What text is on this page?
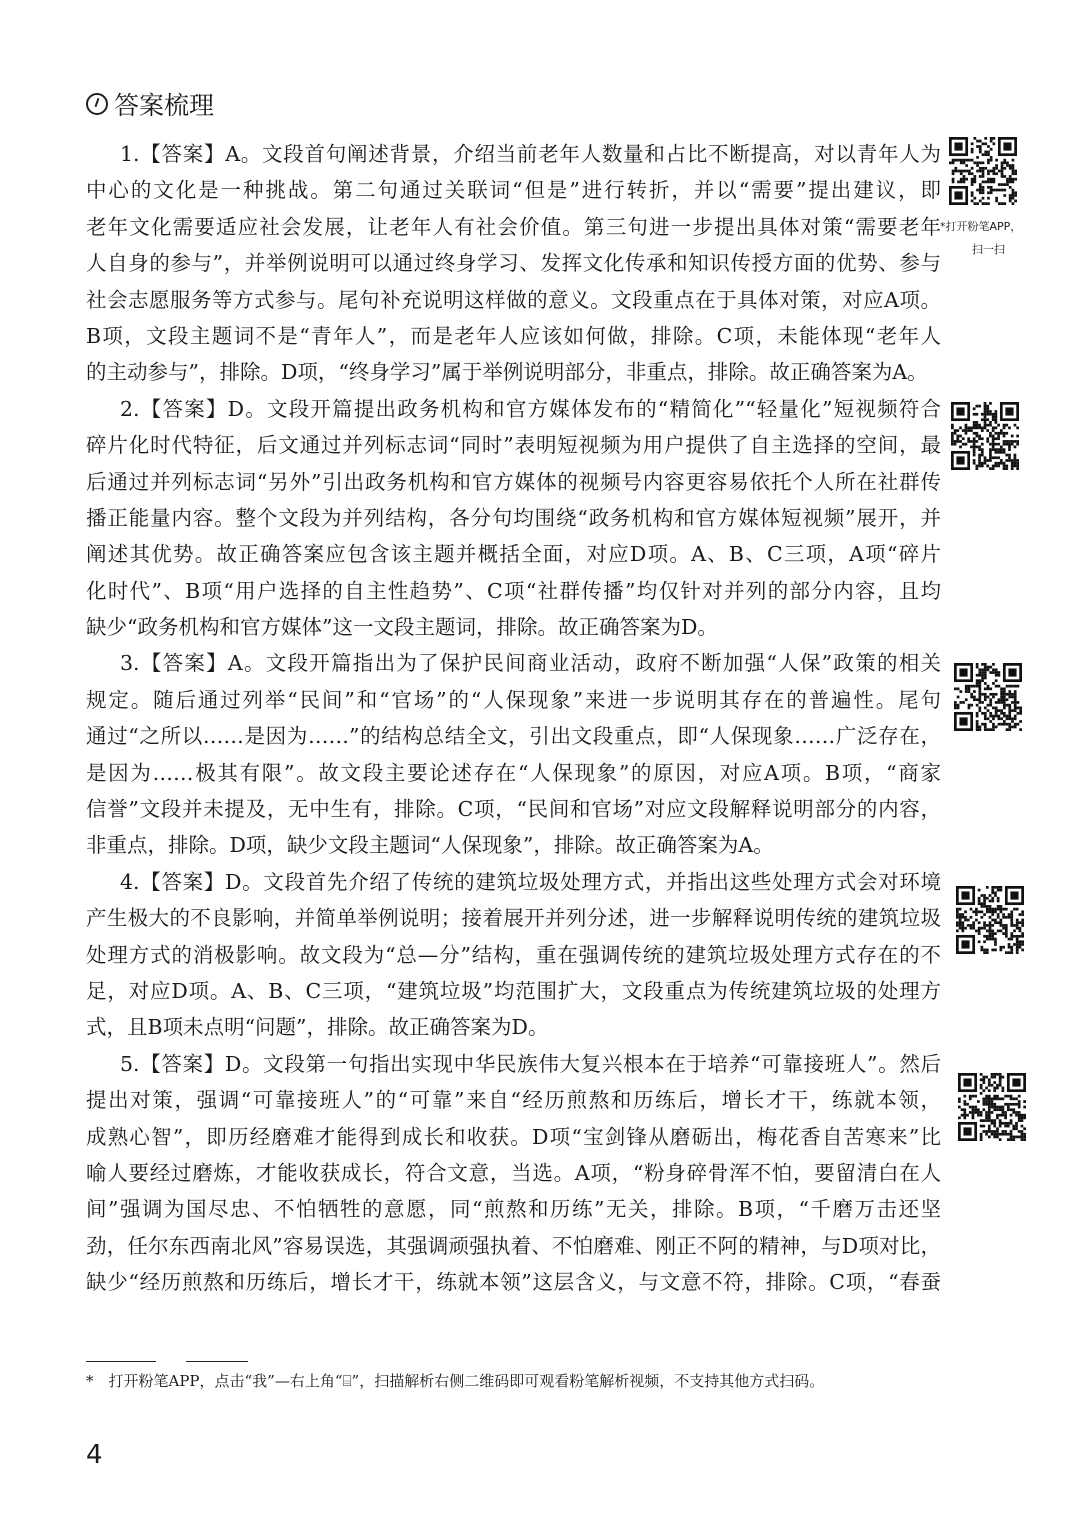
答案梳理
1.【答案】A。文段首句阐述背景，介绍当前老年人数量和占比不断提高，对以青年人为
中心的文化是一种挑战。第二句通过关联词“但是”进行转折，并以“需要”提出建议，即
老年文化需要适应社会发展，让老年人有社会价值。第三句进一步提出具体对策“需要老年
人自身的参与”，并举例说明可以通过终身学习、发挥文化传承和知识传授方面的优势、参与
社会志愿服务等方式参与。尾句补充说明这样做的意义。文段重点在于具体对策，对应A项。
B项，文段主题词不是“青年人”，而是老年人应该如何做，排除。C项，未能体现“老年人
的主动参与”，排除。D项，“终身学习”属于举例说明部分，非重点，排除。故正确答案为A。
2.【答案】D。文段开篇提出政务机构和官方媒体发布的“精简化”“轻量化”短视频符合
碎片化时代特征，后文通过并列标志词“同时”表明短视频为用户提供了自主选择的空间，最
后通过并列标志词“另外”引出政务机构和官方媒体的视频号内容更容易依托个人所在社群传
播正能量内容。整个文段为并列结构，各分句均围绕“政务机构和官方媒体短视频”展开，并
阐述其优势。故正确答案应包含该主题并概括全面，对应D项。A、B、C三项，A项“碎片
化时代”、B项“用户选择的自主性趋势”、C项“社群传播”均仅针对并列的部分内容，且均
缺少“政务机构和官方媒体”这一文段主题词，排除。故正确答案为D。
3.【答案】A。文段开篇指出为了保护民间商业活动，政府不断加强“人保”政策的相关
规定。随后通过列举“民间”和“官场”的“人保现象”来进一步说明其存在的普遍性。尾句
通过“之所以……是因为……”的结构总结全文，引出文段重点，即“人保现象……广泛存在，
是因为……极其有限”。故文段主要论述存在“人保现象”的原因，对应A项。B项，“商家
信誉”文段并未提及，无中生有，排除。C项，“民间和官场”对应文段解释说明部分的内容，
非重点，排除。D项，缺少文段主题词“人保现象”，排除。故正确答案为A。
4.【答案】D。文段首先介绍了传统的建筑垃圾处理方式，并指出这些处理方式会对环境
产生极大的不良影响，并简单举例说明；接着展开并列分述，进一步解释说明传统的建筑垃圾
处理方式的消极影响。故文段为“总—分”结构，重在强调传统的建筑垃圾处理方式存在的不
足，对应D项。A、B、C三项，“建筑垃圾”均范围扩大，文段重点为传统建筑垃圾的处理方
式，且B项未点明“问题”，排除。故正确答案为D。
5.【答案】D。文段第一句指出实现中华民族伟大复兴根本在于培养“可靠接班人”。然后
提出对策，强调“可靠接班人”的“可靠”来自“经历煎熬和历练后，增长才干，练就本领，
成熟心智”，即历经磨难才能得到成长和收获。D项“宝剑锋从磨砺出，梅花香自苦寒来”比
喻人要经过磨炼，才能收获成长，符合文意，当选。A项，“粉身碎骨浑不怕，要留清白在人
间”强调为国尽忠、不怕牺牲的意愿，同“煎熬和历练”无关，排除。B项，“千磨万击还坚
劲，任尔东西南北风”容易误选，其强调顽强执着、不怕磨难、刚正不阿的精神，与D项对比，
缺少“经历煎熬和历练后，增长才干，练就本领”这层含义，与文意不符，排除。C项，“春蚕
*打开粉笔APP，
扫一扫
*　打开粉笔APP，点击“我”—右上角“⌸”，扫描解析右侧二维码即可观看粉笔解析视频，不支持其他方式扫码。
4
